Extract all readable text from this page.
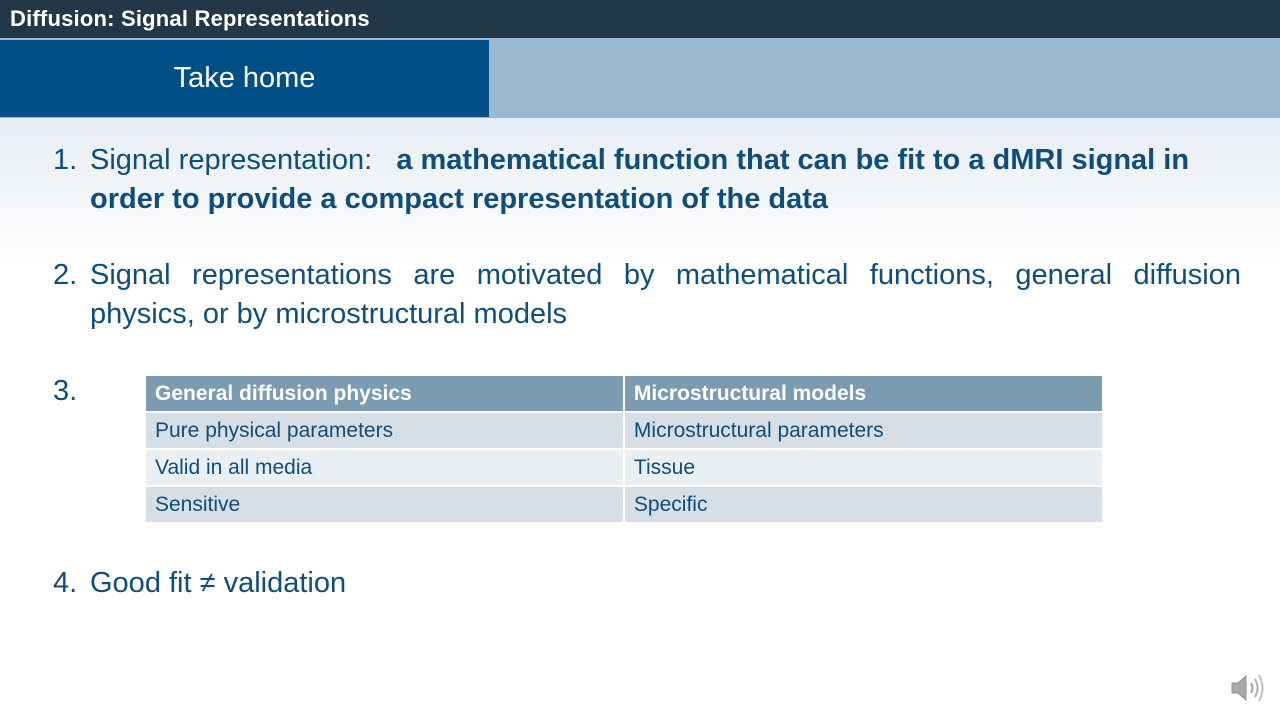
Diffusion: Signal Representations
Take home
1. Signal representation: a mathematical function that can be fit to a dMRI signal in order to provide a compact representation of the data
2. Signal representations are motivated by mathematical functions, general diffusion physics, or by microstructural models
3.	General diffusion physics	Microstructural models
Pure physical parameters	Microstructural parameters
Valid in all media	Tissue
Sensitive	Specific
4. Good fit ≠ validation
